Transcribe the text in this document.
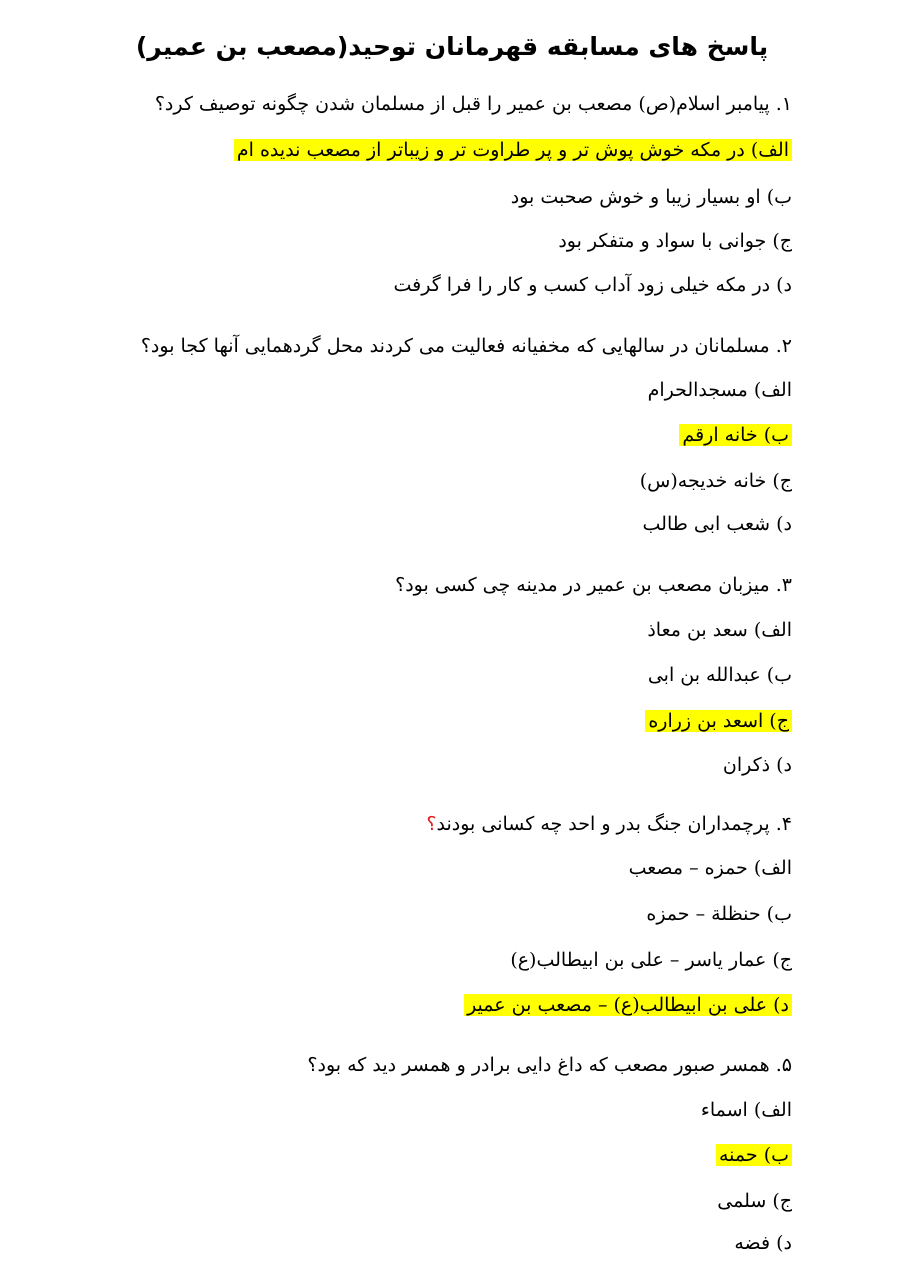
پاسخ های مسابقه قهرمانان توحید(مصعب بن عمیر)
۱. پیامبر اسلام(ص) مصعب بن عمیر را قبل از مسلمان شدن چگونه توصیف کرد؟
الف) در مکه خوش پوش تر و پر طراوت تر و زیباتر از مصعب ندیده ام
ب) او بسیار زیبا و خوش صحبت بود
ج) جوانی با سواد و متفکر بود
د) در مکه خیلی زود آداب کسب و کار را فرا گرفت
۲. مسلمانان در سالهایی که مخفیانه فعالیت می کردند محل گردهمایی آنها کجا بود؟
الف) مسجدالحرام
ب) خانه ارقم
ج) خانه خدیجه(س)
د) شعب ابی طالب
۳. میزبان مصعب بن عمیر در مدینه چی کسی بود؟
الف) سعد بن معاذ
ب) عبدالله بن ابی
ج) اسعد بن زراره
د) ذکران
۴. پرچمداران جنگ بدر و احد چه کسانی بودند؟
الف) حمزه – مصعب
ب) حنظلة – حمزه
ج) عمار یاسر – علی بن ابیطالب(ع)
د) علی بن ابیطالب(ع) – مصعب بن عمیر
۵. همسر صبور مصعب که داغ دایی برادر و همسر دید که بود؟
الف) اسماء
ب) حمنه
ج) سلمی
د) فضه
